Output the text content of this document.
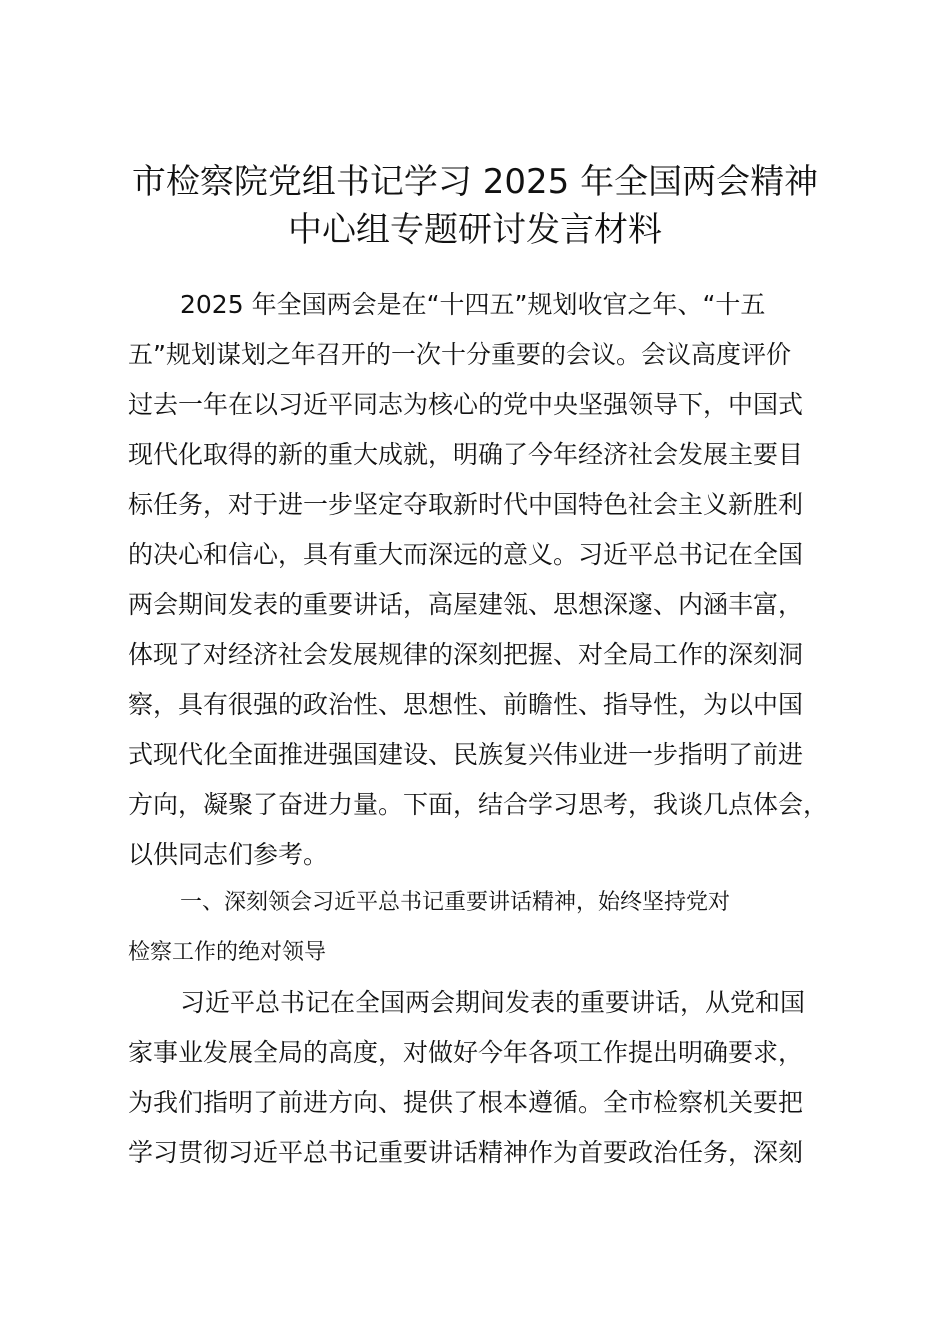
市检察院党组书记学习 2025 年全国两会精神
中心组专题研讨发言材料
2025 年全国两会是在“十四五”规划收官之年、“十五
五”规划谋划之年召开的一次十分重要的会议。会议高度评价
过去一年在以习近平同志为核心的党中央坚强领导下，中国式
现代化取得的新的重大成就，明确了今年经济社会发展主要目
标任务，对于进一步坚定夺取新时代中国特色社会主义新胜利
的决心和信心，具有重大而深远的意义。习近平总书记在全国
两会期间发表的重要讲话，高屋建瓴、思想深邃、内涵丰富，
体现了对经济社会发展规律的深刻把握、对全局工作的深刻洞
察，具有很强的政治性、思想性、前瞻性、指导性，为以中国
式现代化全面推进强国建设、民族复兴伟业进一步指明了前进
方向，凝聚了奋进力量。下面，结合学习思考，我谈几点体会，
以供同志们参考。
一、深刻领会习近平总书记重要讲话精神，始终坚持党对
检察工作的绝对领导
习近平总书记在全国两会期间发表的重要讲话，从党和国
家事业发展全局的高度，对做好今年各项工作提出明确要求，
为我们指明了前进方向、提供了根本遵循。全市检察机关要把
学习贯彻习近平总书记重要讲话精神作为首要政治任务，深刻
